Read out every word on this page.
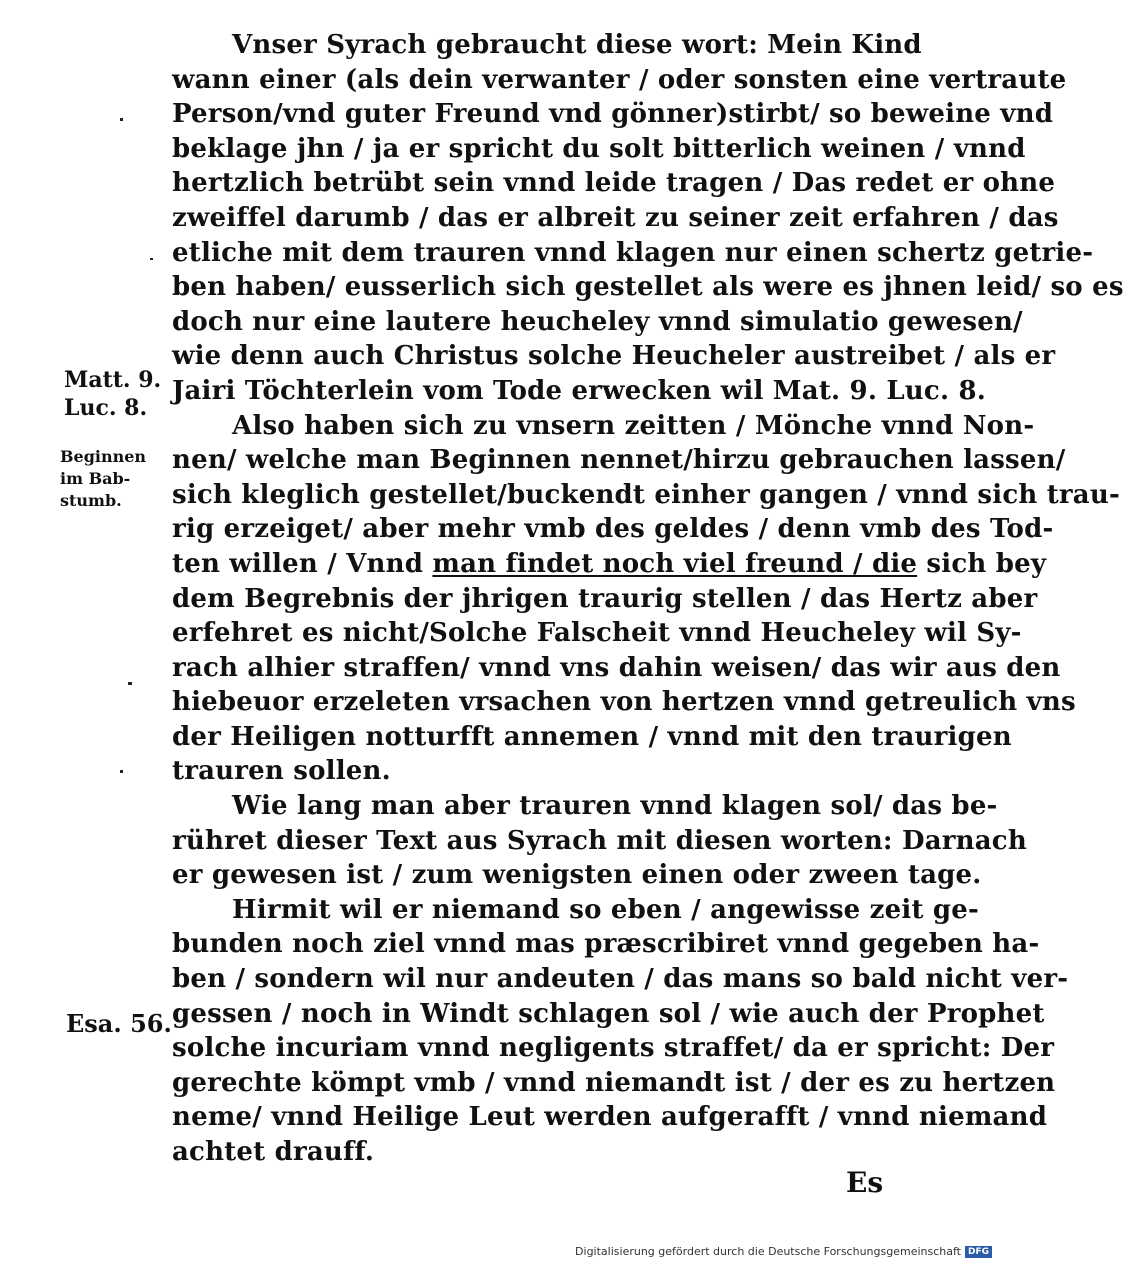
Vnser Syrach gebraucht diese wort: Mein Kind
wann einer (als dein verwanter / oder sonsten eine vertraute
Person/vnd guter Freund vnd gönner)stirbt/ so beweine vnd
beklage jhn / ja er spricht du solt bitterlich weinen / vnnd
hertzlich betrübt sein vnnd leide tragen / Das redet er ohne
zweiffel darumb / das er albreit zu seiner zeit erfahren / das
etliche mit dem trauren vnnd klagen nur einen schertz getrie-
ben haben/ eusserlich sich gestellet als were es jhnen leid/ so es
doch nur eine lautere heucheley vnnd simulatio gewesen/
wie denn auch Christus solche Heucheler austreibet / als er
Jairi Töchterlein vom Tode erwecken wil Mat. 9. Luc. 8.
Also haben sich zu vnsern zeitten / Mönche vnnd Non-
nen/ welche man Beginnen nennet/hirzu gebrauchen lassen/
sich kleglich gestellet/buckendt einher gangen / vnnd sich trau-
rig erzeiget/ aber mehr vmb des geldes / denn vmb des Tod-
ten willen / Vnnd man findet noch viel freund / die sich bey
dem Begrebnis der jhrigen traurig stellen / das Hertz aber
erfehret es nicht/Solche Falscheit vnnd Heucheley wil Sy-
rach alhier straffen/ vnnd vns dahin weisen/ das wir aus den
hiebeuor erzeleten vrsachen von hertzen vnnd getreulich vns
der Heiligen notturfft annemen / vnnd mit den traurigen
trauren sollen.
Wie lang man aber trauren vnnd klagen sol/ das be-
rühret dieser Text aus Syrach mit diesen worten: Darnach
er gewesen ist / zum wenigsten einen oder zween tage.
Hirmit wil er niemand so eben / angewisse zeit ge-
bunden noch ziel vnnd mas præscribiret vnnd gegeben ha-
ben / sondern wil nur andeuten / das mans so bald nicht ver-
gessen / noch in Windt schlagen sol / wie auch der Prophet
solche incuriam vnnd negligents straffet/ da er spricht: Der
gerechte kömpt vmb / vnnd niemandt ist / der es zu hertzen
neme/ vnnd Heilige Leut werden aufgerafft / vnnd niemand
achtet drauff.
Matt. 9.
Luc. 8.
Beginnen
im Bab-
stumb.
Esa. 56.
Es
Digitalisierung gefördert durch die Deutsche Forschungsgemeinschaft DFG
